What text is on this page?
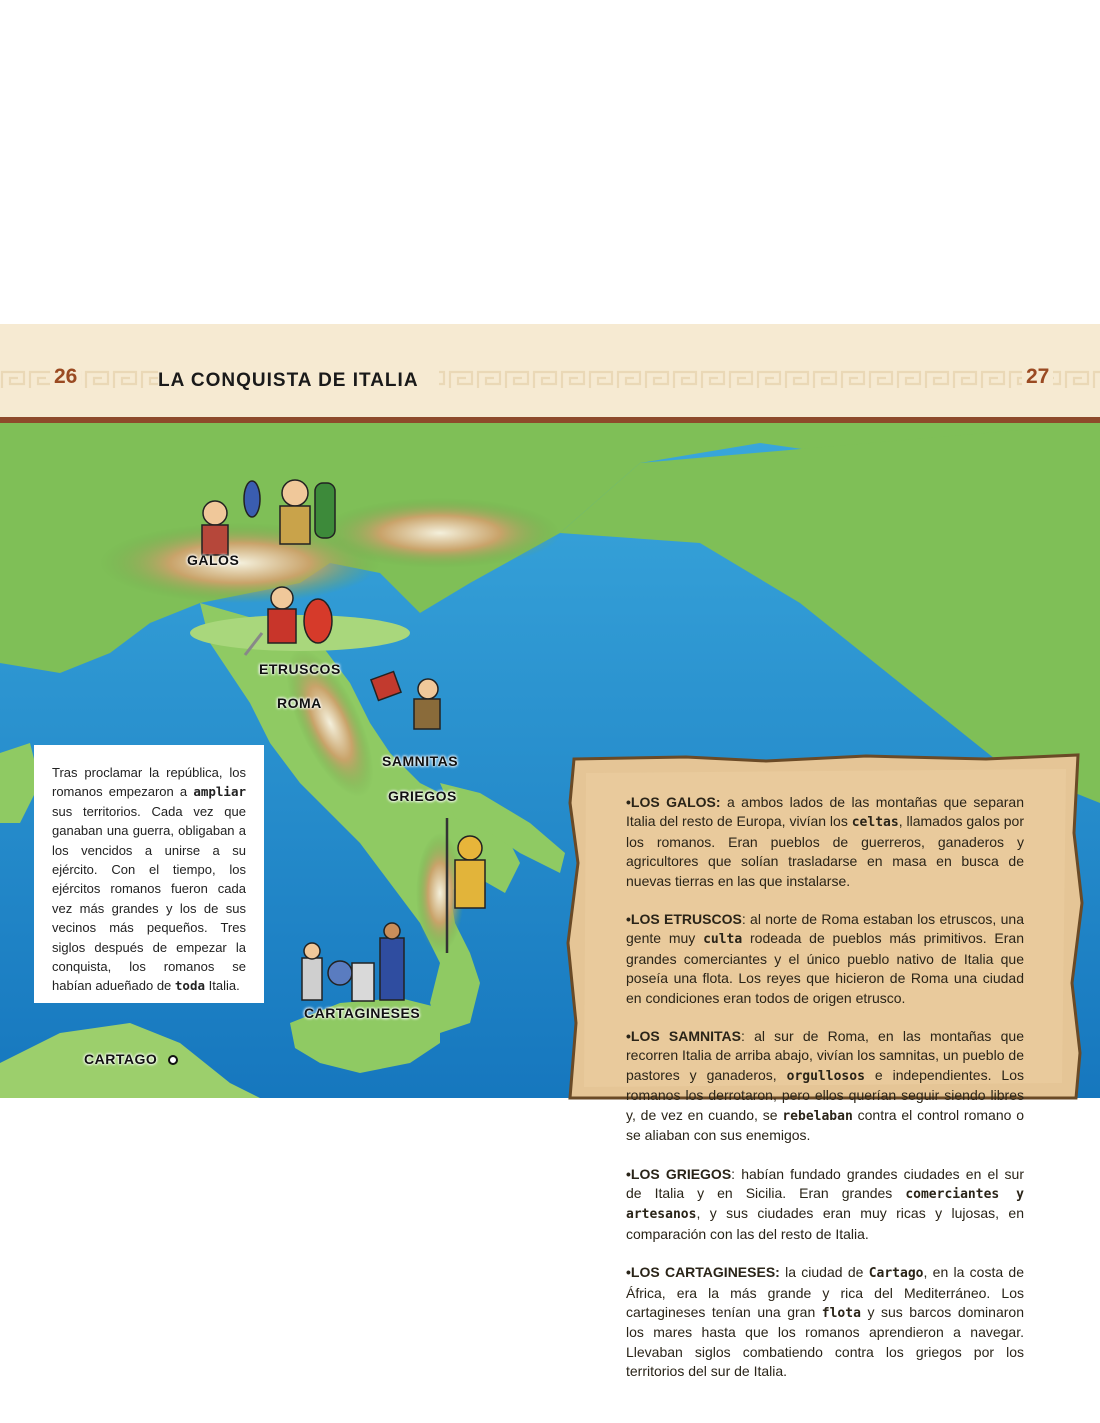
26	LA CONQUISTA DE ITALIA	27
GALOS
ETRUSCOS
ROMA
SAMNITAS
GRIEGOS
CARTAGINESES
CARTAGO

Tras proclamar la república, los romanos empezaron a ampliar sus territorios. Cada vez que ganaban una guerra, obligaban a los vencidos a unirse a su ejército. Con el tiempo, los ejércitos romanos fueron cada vez más grandes y los de sus vecinos más pequeños. Tres siglos después de empezar la conquista, los romanos se habían adueñado de toda Italia.

•LOS GALOS: a ambos lados de las montañas que separan Italia del resto de Europa, vivían los celtas, llamados galos por los romanos. Eran pueblos de guerreros, ganaderos y agricultores que solían trasladarse en masa en busca de nuevas tierras en las que instalarse.

•LOS ETRUSCOS: al norte de Roma estaban los etruscos, una gente muy culta rodeada de pueblos más primitivos. Eran grandes comerciantes y el único pueblo nativo de Italia que poseía una flota. Los reyes que hicieron de Roma una ciudad en condiciones eran todos de origen etrusco.

•LOS SAMNITAS: al sur de Roma, en las montañas que recorren Italia de arriba abajo, vivían los samnitas, un pueblo de pastores y ganaderos, orgullosos e independientes. Los romanos los derrotaron, pero ellos querían seguir siendo libres y, de vez en cuando, se rebelaban contra el control romano o se aliaban con sus enemigos.

•LOS GRIEGOS: habían fundado grandes ciudades en el sur de Italia y en Sicilia. Eran grandes comerciantes y artesanos, y sus ciudades eran muy ricas y lujosas, en comparación con las del resto de Italia.

•LOS CARTAGINESES: la ciudad de Cartago, en la costa de África, era la más grande y rica del Mediterráneo. Los cartagineses tenían una gran flota y sus barcos dominaron los mares hasta que los romanos aprendieron a navegar. Llevaban siglos combatiendo contra los griegos por los territorios del sur de Italia.
